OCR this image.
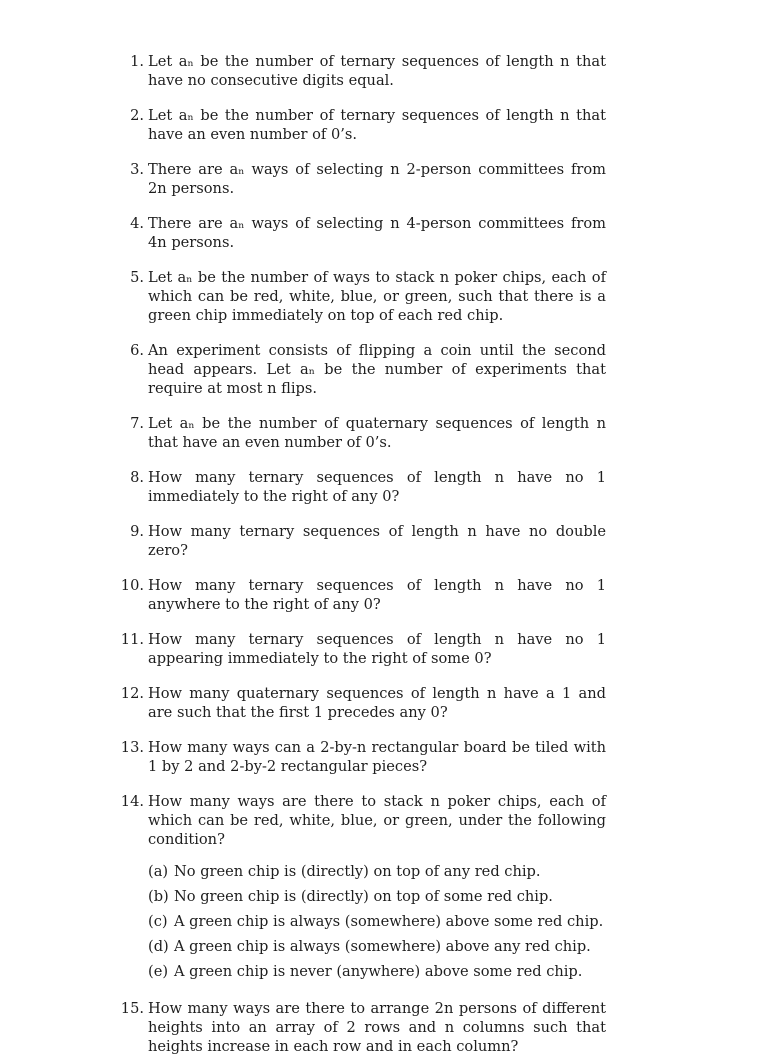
1. Let aₙ be the number of ternary sequences of length n that have no consecutive digits equal.
2. Let aₙ be the number of ternary sequences of length n that have an even number of 0’s.
3. There are aₙ ways of selecting n 2-person committees from 2n persons.
4. There are aₙ ways of selecting n 4-person committees from 4n persons.
5. Let aₙ be the number of ways to stack n poker chips, each of which can be red, white, blue, or green, such that there is a green chip immediately on top of each red chip.
6. An experiment consists of flipping a coin until the second head appears. Let aₙ be the number of experiments that require at most n flips.
7. Let aₙ be the number of quaternary sequences of length n that have an even number of 0’s.
8. How many ternary sequences of length n have no 1 immediately to the right of any 0?
9. How many ternary sequences of length n have no double zero?
10. How many ternary sequences of length n have no 1 anywhere to the right of any 0?
11. How many ternary sequences of length n have no 1 appearing immediately to the right of some 0?
12. How many quaternary sequences of length n have a 1 and are such that the first 1 precedes any 0?
13. How many ways can a 2-by-n rectangular board be tiled with 1 by 2 and 2-by-2 rectangular pieces?
14. How many ways are there to stack n poker chips, each of which can be red, white, blue, or green, under the following condition?
(a) No green chip is (directly) on top of any red chip.
(b) No green chip is (directly) on top of some red chip.
(c) A green chip is always (somewhere) above some red chip.
(d) A green chip is always (somewhere) above any red chip.
(e) A green chip is never (anywhere) above some red chip.
15. How many ways are there to arrange 2n persons of different heights into an array of 2 rows and n columns such that heights increase in each row and in each column?
